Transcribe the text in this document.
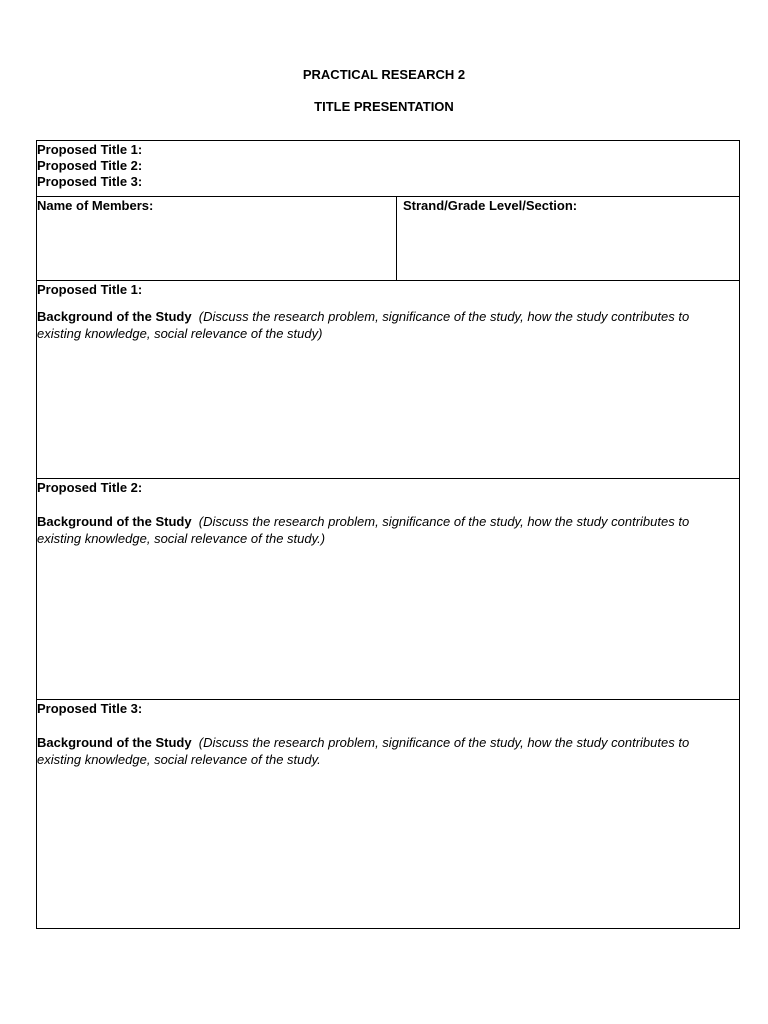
PRACTICAL RESEARCH 2
TITLE PRESENTATION
Proposed Title 1:
Proposed Title 2:
Proposed Title 3:
Name of Members:	Strand/Grade Level/Section:
Proposed Title 1:
Background of the Study (Discuss the research problem, significance of the study, how the study contributes to existing knowledge, social relevance of the study)
Proposed Title 2:
Background of the Study (Discuss the research problem, significance of the study, how the study contributes to existing knowledge, social relevance of the study.)
Proposed Title 3:
Background of the Study (Discuss the research problem, significance of the study, how the study contributes to existing knowledge, social relevance of the study.
